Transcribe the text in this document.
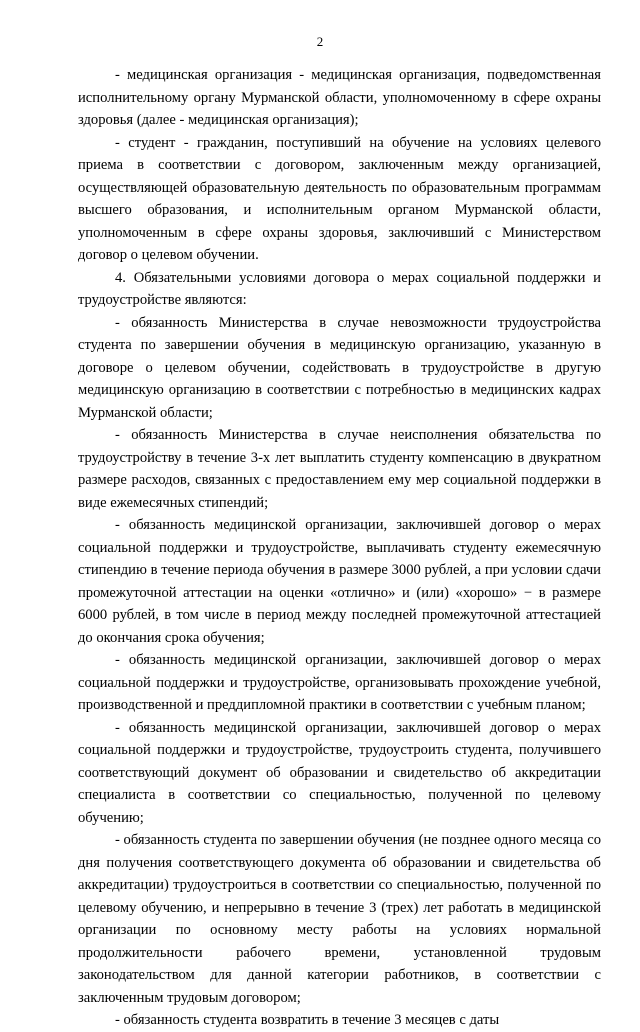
2

- медицинская организация - медицинская организация, подведомственная исполнительному органу Мурманской области, уполномоченному в сфере охраны здоровья (далее - медицинская организация);

- студент - гражданин, поступивший на обучение на условиях целевого приема в соответствии с договором, заключенным между организацией, осуществляющей образовательную деятельность по образовательным программам высшего образования, и исполнительным органом Мурманской области, уполномоченным в сфере охраны здоровья, заключивший с Министерством договор о целевом обучении.

4. Обязательными условиями договора о мерах социальной поддержки и трудоустройстве являются:

- обязанность Министерства в случае невозможности трудоустройства студента по завершении обучения в медицинскую организацию, указанную в договоре о целевом обучении, содействовать в трудоустройстве в другую медицинскую организацию в соответствии с потребностью в медицинских кадрах Мурманской области;

- обязанность Министерства в случае неисполнения обязательства по трудоустройству в течение 3-х лет выплатить студенту компенсацию в двукратном размере расходов, связанных с предоставлением ему мер социальной поддержки в виде ежемесячных стипендий;

- обязанность медицинской организации, заключившей договор о мерах социальной поддержки и трудоустройстве, выплачивать студенту ежемесячную стипендию в течение периода обучения в размере 3000 рублей, а при условии сдачи промежуточной аттестации на оценки «отлично» и (или) «хорошо» − в размере 6000 рублей, в том числе в период между последней промежуточной аттестацией до окончания срока обучения;

- обязанность медицинской организации, заключившей договор о мерах социальной поддержки и трудоустройстве, организовывать прохождение учебной, производственной и преддипломной практики в соответствии с учебным планом;

- обязанность медицинской организации, заключившей договор о мерах социальной поддержки и трудоустройстве, трудоустроить студента, получившего соответствующий документ об образовании и свидетельство об аккредитации специалиста в соответствии со специальностью, полученной по целевому обучению;

- обязанность студента по завершении обучения (не позднее одного месяца со дня получения соответствующего документа об образовании и свидетельства об аккредитации) трудоустроиться в соответствии со специальностью, полученной по целевому обучению, и непрерывно в течение 3 (трех) лет работать в медицинской организации по основному месту работы на условиях нормальной продолжительности рабочего времени, установленной трудовым законодательством для данной категории работников, в соответствии с заключенным трудовым договором;

- обязанность студента возвратить в течение 3 месяцев с даты
